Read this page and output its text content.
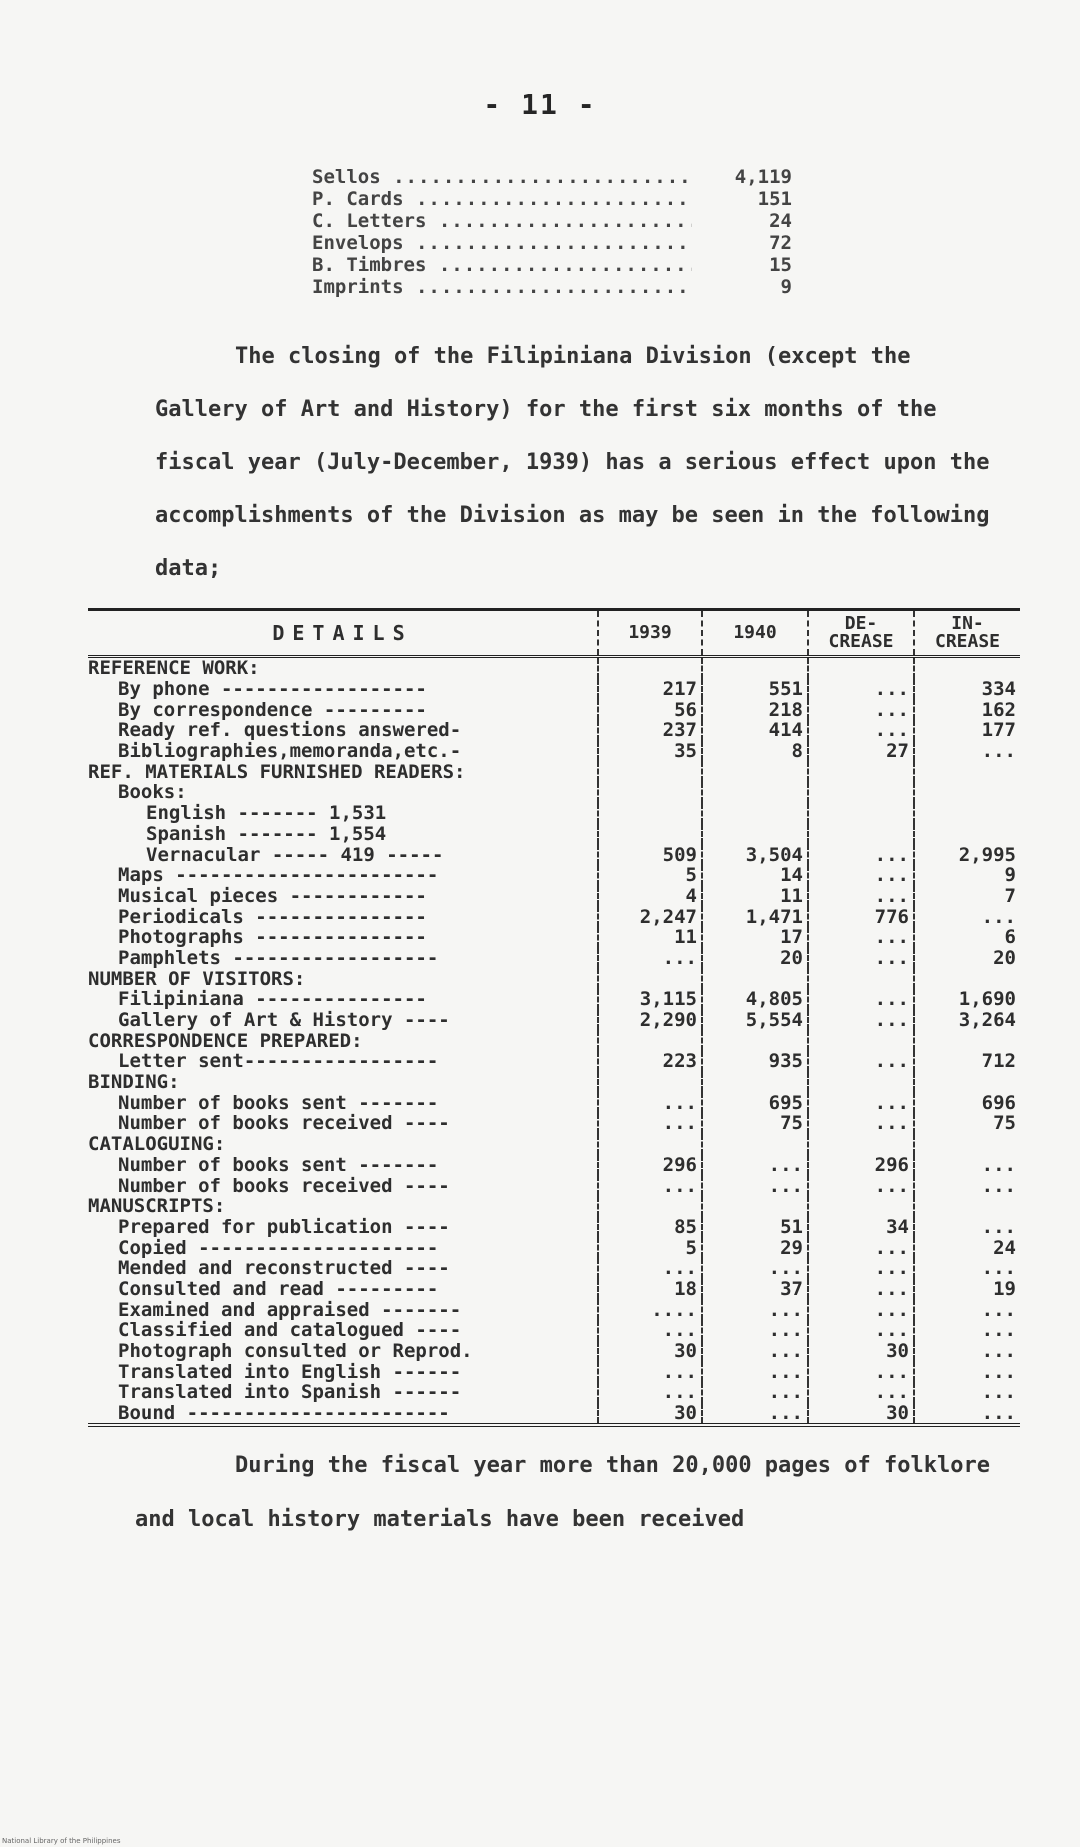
- 11 -
Sellos .....	4,119
P. Cards .....	151
C. Letters .....	24
Envelops .....	72
B. Timbres .....	15
Imprints .....	9

The closing of the Filipiniana Division (except the Gallery of Art and History) for the first six months of the fiscal year (July-December, 1939) has a serious effect upon the accomplishments of the Division as may be seen in the following data;

DETAILS	1939	1940	DE-CREASE	IN-CREASE
REFERENCE WORK:				
By phone ------------------	217	551	...	334
By correspondence ---------	56	218	...	162
Ready ref. questions answered-	237	414	...	177
Bibliographies,memoranda,etc.-	35	8	27	...
REF. MATERIALS FURNISHED READERS:				
Books:				
English ------- 1,531				
Spanish ------- 1,554				
Vernacular ----- 419 -----	509	3,504	...	2,995
Maps -----------------------	5	14	...	9
Musical pieces ------------	4	11	...	7
Periodicals ---------------	2,247	1,471	776	...
Photographs ---------------	11	17	...	6
Pamphlets ------------------	...	20	...	20
NUMBER OF VISITORS:				
Filipiniana ---------------	3,115	4,805	...	1,690
Gallery of Art & History ----	2,290	5,554	...	3,264
CORRESPONDENCE PREPARED:				
Letter sent-----------------	223	935	...	712
BINDING:				
Number of books sent -------	...	695	...	696
Number of books received ----	...	75	...	75
CATALOGUING:				
Number of books sent -------	296	...	296	...
Number of books received ----	...	...	...	...
MANUSCRIPTS:				
Prepared for publication ----	85	51	34	...
Copied ---------------------	5	29	...	24
Mended and reconstructed ----	...	...	...	...
Consulted and read ---------	18	37	...	19
Examined and appraised -------	....	...	...	...
Classified and catalogued ----	...	...	...	...
Photograph consulted or Reprod.	30	...	30	...
Translated into English ------	...	...	...	...
Translated into Spanish ------	...	...	...	...
Bound -----------------------	30	...	30	...
National Library of the Philippines

During the fiscal year more than 20,000 pages of folklore and local history materials have been received
